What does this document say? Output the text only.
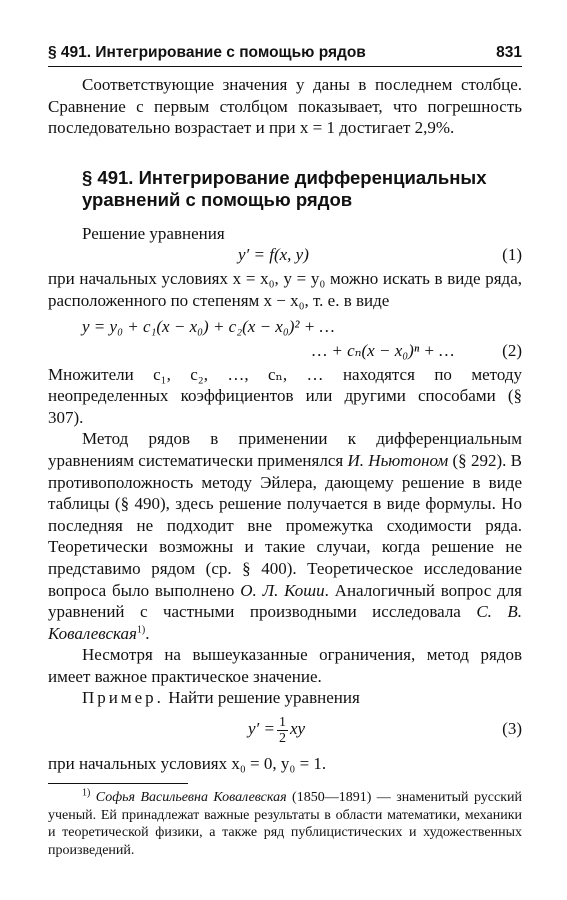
§ 491. Интегрирование с помощью рядов	831

Соответствующие значения y даны в последнем столбце. Сравнение с первым столбцом показывает, что погрешность последовательно возрастает и при x = 1 достигает 2,9%.

§ 491. Интегрирование дифференциальных уравнений с помощью рядов

Решение уравнения

y′ = f(x, y)	( 1 )

при начальных условиях x = x₀, y = y₀ можно искать в виде ряда, расположенного по степеням x − x₀, т. е. в виде

y = y₀ + c₁(x − x₀) + c₂(x − x₀)² + …
… + cₙ(x − x₀)ⁿ + …	( 2 )

Множители c₁, c₂, …, cₙ, … находятся по методу неопределенных коэффициентов или другими способами (§ 307).

Метод рядов в применении к дифференциальным уравнениям систематически применялся И. Ньютоном (§ 292). В противоположность методу Эйлера, дающему решение в виде таблицы (§ 490), здесь решение получается в виде формулы. Но последняя не подходит вне промежутка сходимости ряда. Теоретически возможны и такие случаи, когда решение не представимо рядом (ср. § 400). Теоретическое исследование вопроса было выполнено О. Л. Коши. Аналогичный вопрос для уравнений с частными производными исследовала С. В. Ковалевская$^{1)}$.

Несмотря на вышеуказанные ограничения, метод рядов имеет важное практическое значение.

Пример. Найти решение уравнения

$y' = \frac{1}{2}$ xy	( 3 )

при начальных условиях x₀ = 0, y₀ = 1.

$^{1)}$ Софья Васильевна Ковалевская (1850—1891) — знаменитый русский ученый. Ей принадлежат важные результаты в области математики, механики и теоретической физики, а также ряд публицистических и художественных произведений.
